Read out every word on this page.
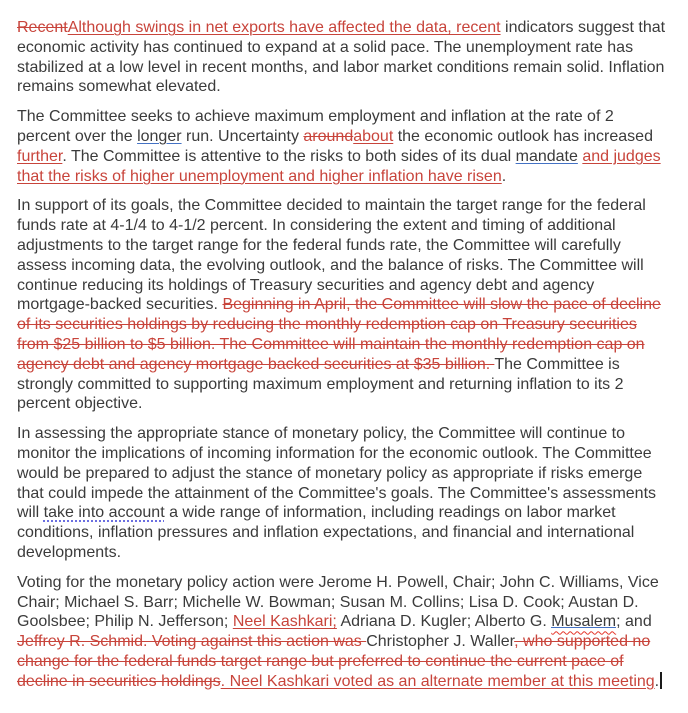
RecentAlthough swings in net exports have affected the data, recent indicators suggest that economic activity has continued to expand at a solid pace. The unemployment rate has stabilized at a low level in recent months, and labor market conditions remain solid. Inflation remains somewhat elevated.

The Committee seeks to achieve maximum employment and inflation at the rate of 2 percent over the longer run. Uncertainty aroundabout the economic outlook has increased further. The Committee is attentive to the risks to both sides of its dual mandate and judges that the risks of higher unemployment and higher inflation have risen.

In support of its goals, the Committee decided to maintain the target range for the federal funds rate at 4-1/4 to 4-1/2 percent. In considering the extent and timing of additional adjustments to the target range for the federal funds rate, the Committee will carefully assess incoming data, the evolving outlook, and the balance of risks. The Committee will continue reducing its holdings of Treasury securities and agency debt and agency mortgage-backed securities. Beginning in April, the Committee will slow the pace of decline of its securities holdings by reducing the monthly redemption cap on Treasury securities from $25 billion to $5 billion. The Committee will maintain the monthly redemption cap on agency debt and agency mortgage backed securities at $35 billion. The Committee is strongly committed to supporting maximum employment and returning inflation to its 2 percent objective.

In assessing the appropriate stance of monetary policy, the Committee will continue to monitor the implications of incoming information for the economic outlook. The Committee would be prepared to adjust the stance of monetary policy as appropriate if risks emerge that could impede the attainment of the Committee's goals. The Committee's assessments will take into account a wide range of information, including readings on labor market conditions, inflation pressures and inflation expectations, and financial and international developments.

Voting for the monetary policy action were Jerome H. Powell, Chair; John C. Williams, Vice Chair; Michael S. Barr; Michelle W. Bowman; Susan M. Collins; Lisa D. Cook; Austan D. Goolsbee; Philip N. Jefferson; Neel Kashkari; Adriana D. Kugler; Alberto G. Musalem; and Jeffrey R. Schmid. Voting against this action was Christopher J. Waller, who supported no change for the federal funds target range but preferred to continue the current pace of decline in securities holdings. Neel Kashkari voted as an alternate member at this meeting.
